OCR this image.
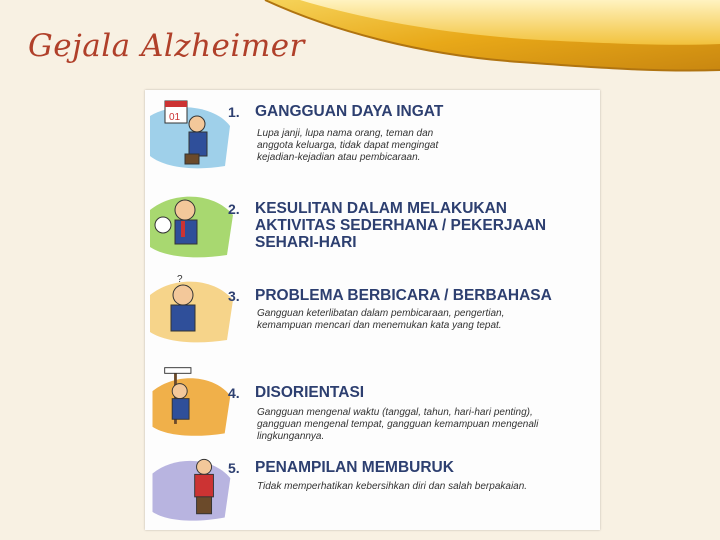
Gejala Alzheimer
01	1. GANGGUAN DAYA INGAT
Lupa janji, lupa nama orang, teman dan
anggota keluarga, tidak dapat mengingat
kejadian-kejadian atau pembicaraan.
2. KESULITAN DALAM MELAKUKAN
AKTIVITAS SEDERHANA / PEKERJAAN
SEHARI-HARI
?
3. PROBLEMA BERBICARA / BERBAHASA
Gangguan keterlibatan dalam pembicaraan, pengertian,
kemampuan mencari dan menemukan kata yang tepat.
4. DISORIENTASI
Gangguan mengenal waktu (tanggal, tahun, hari-hari penting),
gangguan mengenal tempat, gangguan kemampuan mengenali
lingkungannya.
5. PENAMPILAN MEMBURUK
Tidak memperhatikan kebersihkan diri dan salah berpakaian.
